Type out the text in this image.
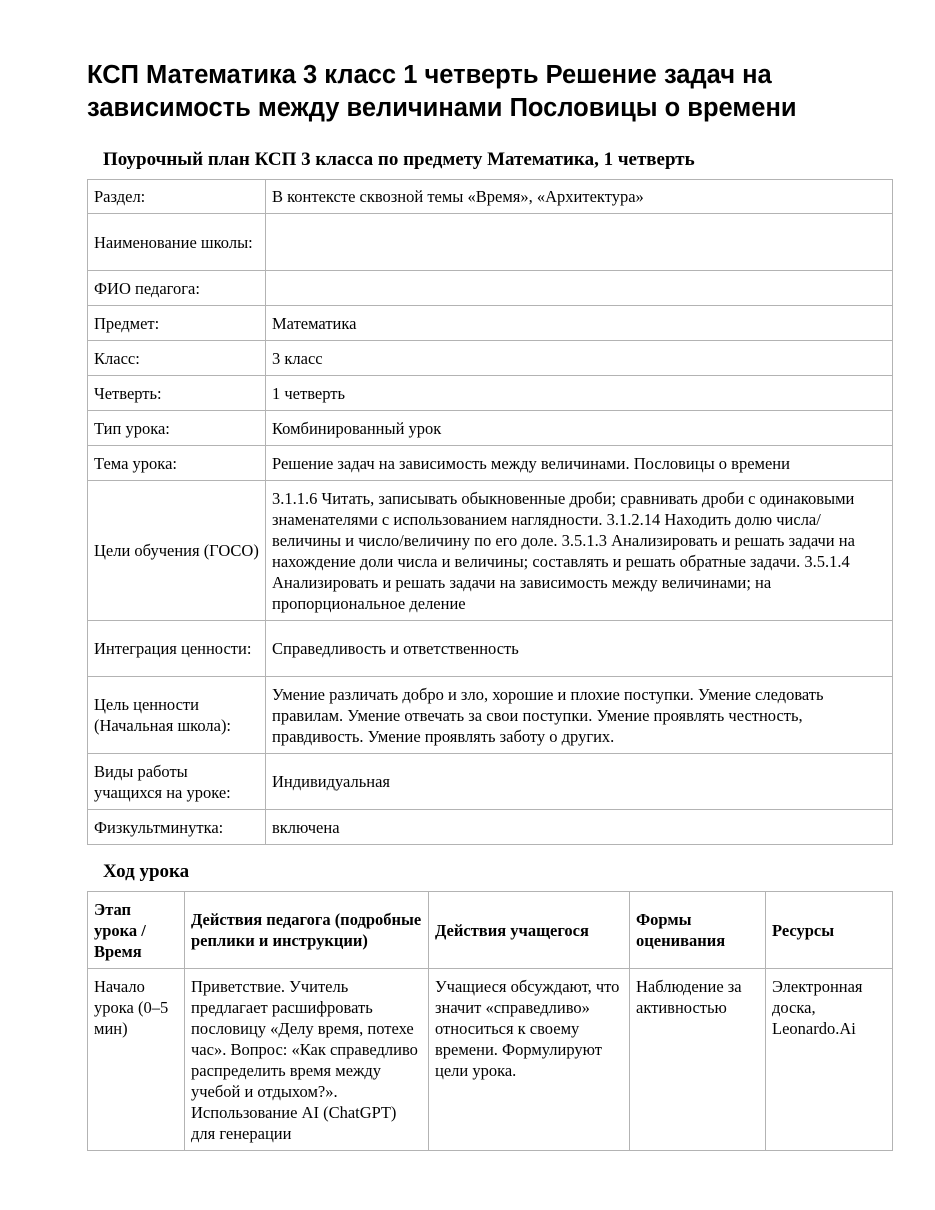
КСП Математика 3 класс 1 четверть Решение задач на зависимость между величинами Пословицы о времени

Поурочный план КСП 3 класса по предмету Математика, 1 четверть

Раздел:	В контексте сквозной темы «Время», «Архитектура»
Наименование школы:	
ФИО педагога:	
Предмет:	Математика
Класс:	3 класс
Четверть:	1 четверть
Тип урока:	Комбинированный урок
Тема урока:	Решение задач на зависимость между величинами. Пословицы о времени
Цели обучения (ГОСО)	3.1.1.6 Читать, записывать обыкновенные дроби; сравнивать дроби с одинаковыми знаменателями с использованием наглядности. 3.1.2.14 Находить долю числа/величины и число/величину по его доле. 3.5.1.3 Анализировать и решать задачи на нахождение доли числа и величины; составлять и решать обратные задачи. 3.5.1.4 Анализировать и решать задачи на зависимость между величинами; на пропорциональное деление
Интеграция ценности:	Справедливость и ответственность
Цель ценности (Начальная школа):	Умение различать добро и зло, хорошие и плохие поступки. Умение следовать правилам. Умение отвечать за свои поступки. Умение проявлять честность, правдивость. Умение проявлять заботу о других.
Виды работы учащихся на уроке:	Индивидуальная
Физкультминутка:	включена

Ход урока

Этап урока / Время	Действия педагога (подробные реплики и инструкции)	Действия учащегося	Формы оценивания	Ресурсы
Начало урока (0–5 мин)	Приветствие. Учитель предлагает расшифровать пословицу «Делу время, потехе час». Вопрос: «Как справедливо распределить время между учебой и отдыхом?». Использование AI (ChatGPT) для генерации	Учащиеся обсуждают, что значит «справедливо» относиться к своему времени. Формулируют цели урока.	Наблюдение за активностью	Электронная доска, Leonardo.Ai
